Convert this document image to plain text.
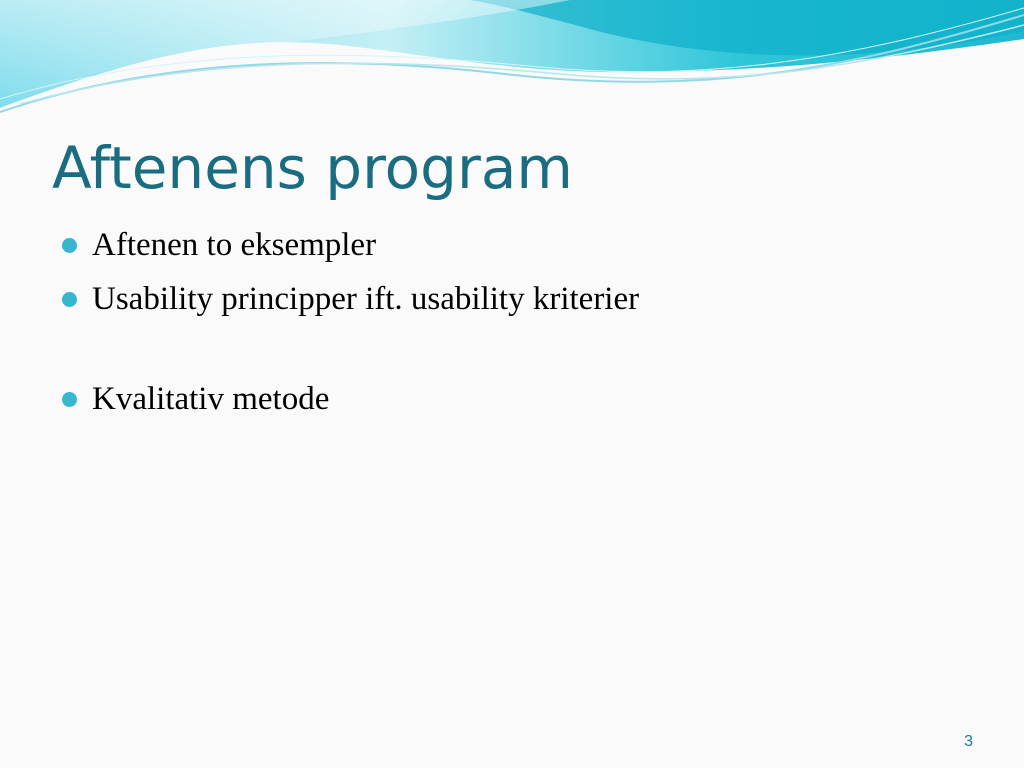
Aftenens program
Aftenen to eksempler
Usability principper ift. usability kriterier
Kvalitativ metode
3
